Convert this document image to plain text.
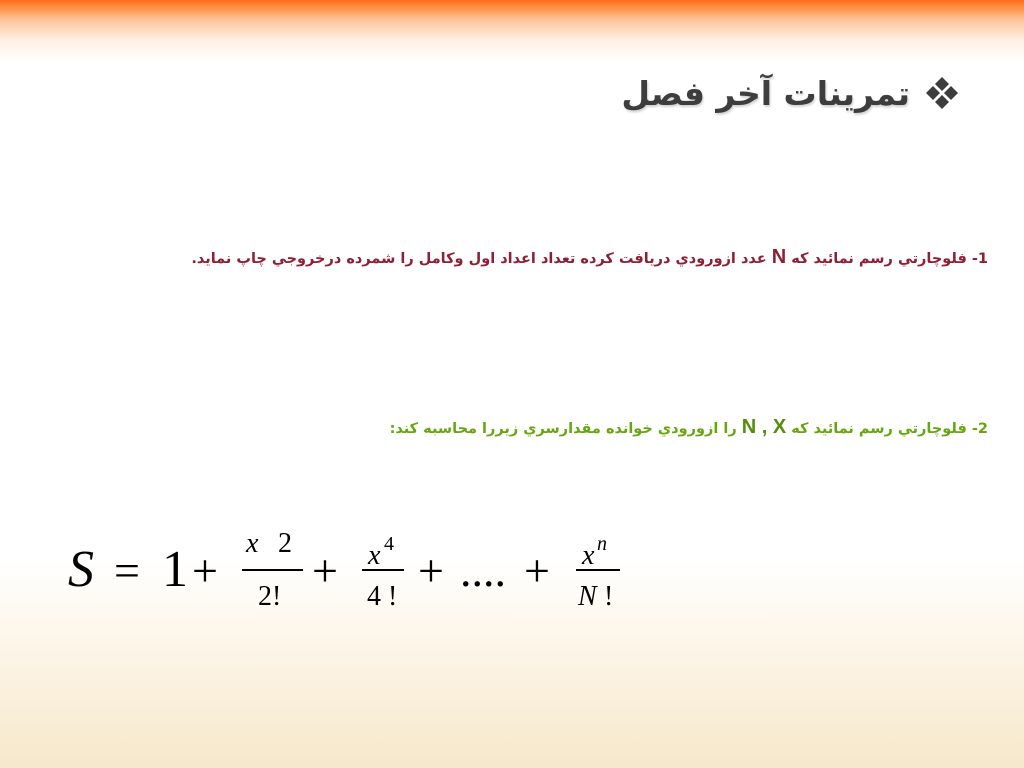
تمرينات آخر فصل
1- فلوچارتي رسم نمائيد كه N عدد ازورودي دريافت كرده تعداد اعداد اول وكامل را شمرده درخروجي چاپ نمايد.
2- فلوچارتي رسم نمائيد كه N , X را ازورودي خوانده مقدارسري زيررا محاسبه كند:
S = 1 +
x 2
2!
+ x 4
4 !
+ .... + x n
N !
